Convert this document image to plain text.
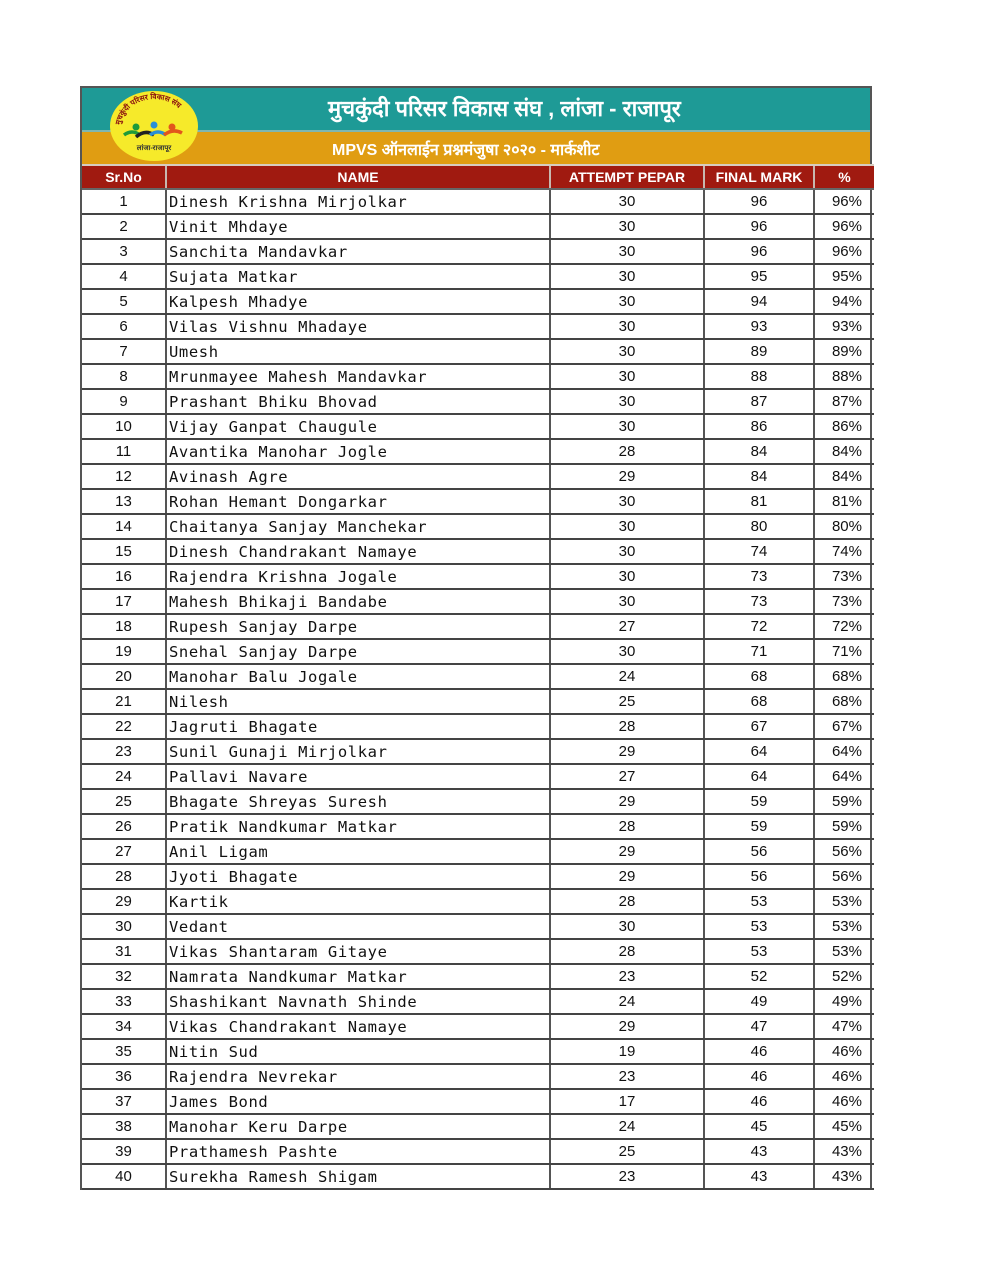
मुचकुंदी परिसर विकास संघ
लांजा-राजापूर
मुचकुंदी परिसर विकास संघ , लांजा - राजापूर
MPVS ऑनलाईन प्रश्नमंजुषा २०२० - मार्कशीट
Sr.No	NAME	ATTEMPT PEPAR	FINAL MARK	%
1	Dinesh Krishna Mirjolkar	30	96	96%
2	Vinit Mhdaye	30	96	96%
3	Sanchita Mandavkar	30	96	96%
4	Sujata Matkar	30	95	95%
5	Kalpesh Mhadye	30	94	94%
6	Vilas Vishnu Mhadaye	30	93	93%
7	Umesh	30	89	89%
8	Mrunmayee Mahesh Mandavkar	30	88	88%
9	Prashant Bhiku Bhovad	30	87	87%
10	Vijay Ganpat Chaugule	30	86	86%
11	Avantika Manohar Jogle	28	84	84%
12	Avinash Agre	29	84	84%
13	Rohan Hemant Dongarkar	30	81	81%
14	Chaitanya Sanjay Manchekar	30	80	80%
15	Dinesh Chandrakant Namaye	30	74	74%
16	Rajendra Krishna Jogale	30	73	73%
17	Mahesh Bhikaji Bandabe	30	73	73%
18	Rupesh Sanjay Darpe	27	72	72%
19	Snehal Sanjay Darpe	30	71	71%
20	Manohar Balu Jogale	24	68	68%
21	Nilesh	25	68	68%
22	Jagruti Bhagate	28	67	67%
23	Sunil Gunaji Mirjolkar	29	64	64%
24	Pallavi Navare	27	64	64%
25	Bhagate Shreyas Suresh	29	59	59%
26	Pratik Nandkumar Matkar	28	59	59%
27	Anil Ligam	29	56	56%
28	Jyoti Bhagate	29	56	56%
29	Kartik	28	53	53%
30	Vedant	30	53	53%
31	Vikas Shantaram Gitaye	28	53	53%
32	Namrata Nandkumar Matkar	23	52	52%
33	Shashikant Navnath Shinde	24	49	49%
34	Vikas Chandrakant Namaye	29	47	47%
35	Nitin Sud	19	46	46%
36	Rajendra Nevrekar	23	46	46%
37	James Bond	17	46	46%
38	Manohar Keru Darpe	24	45	45%
39	Prathamesh Pashte	25	43	43%
40	Surekha Ramesh Shigam	23	43	43%
